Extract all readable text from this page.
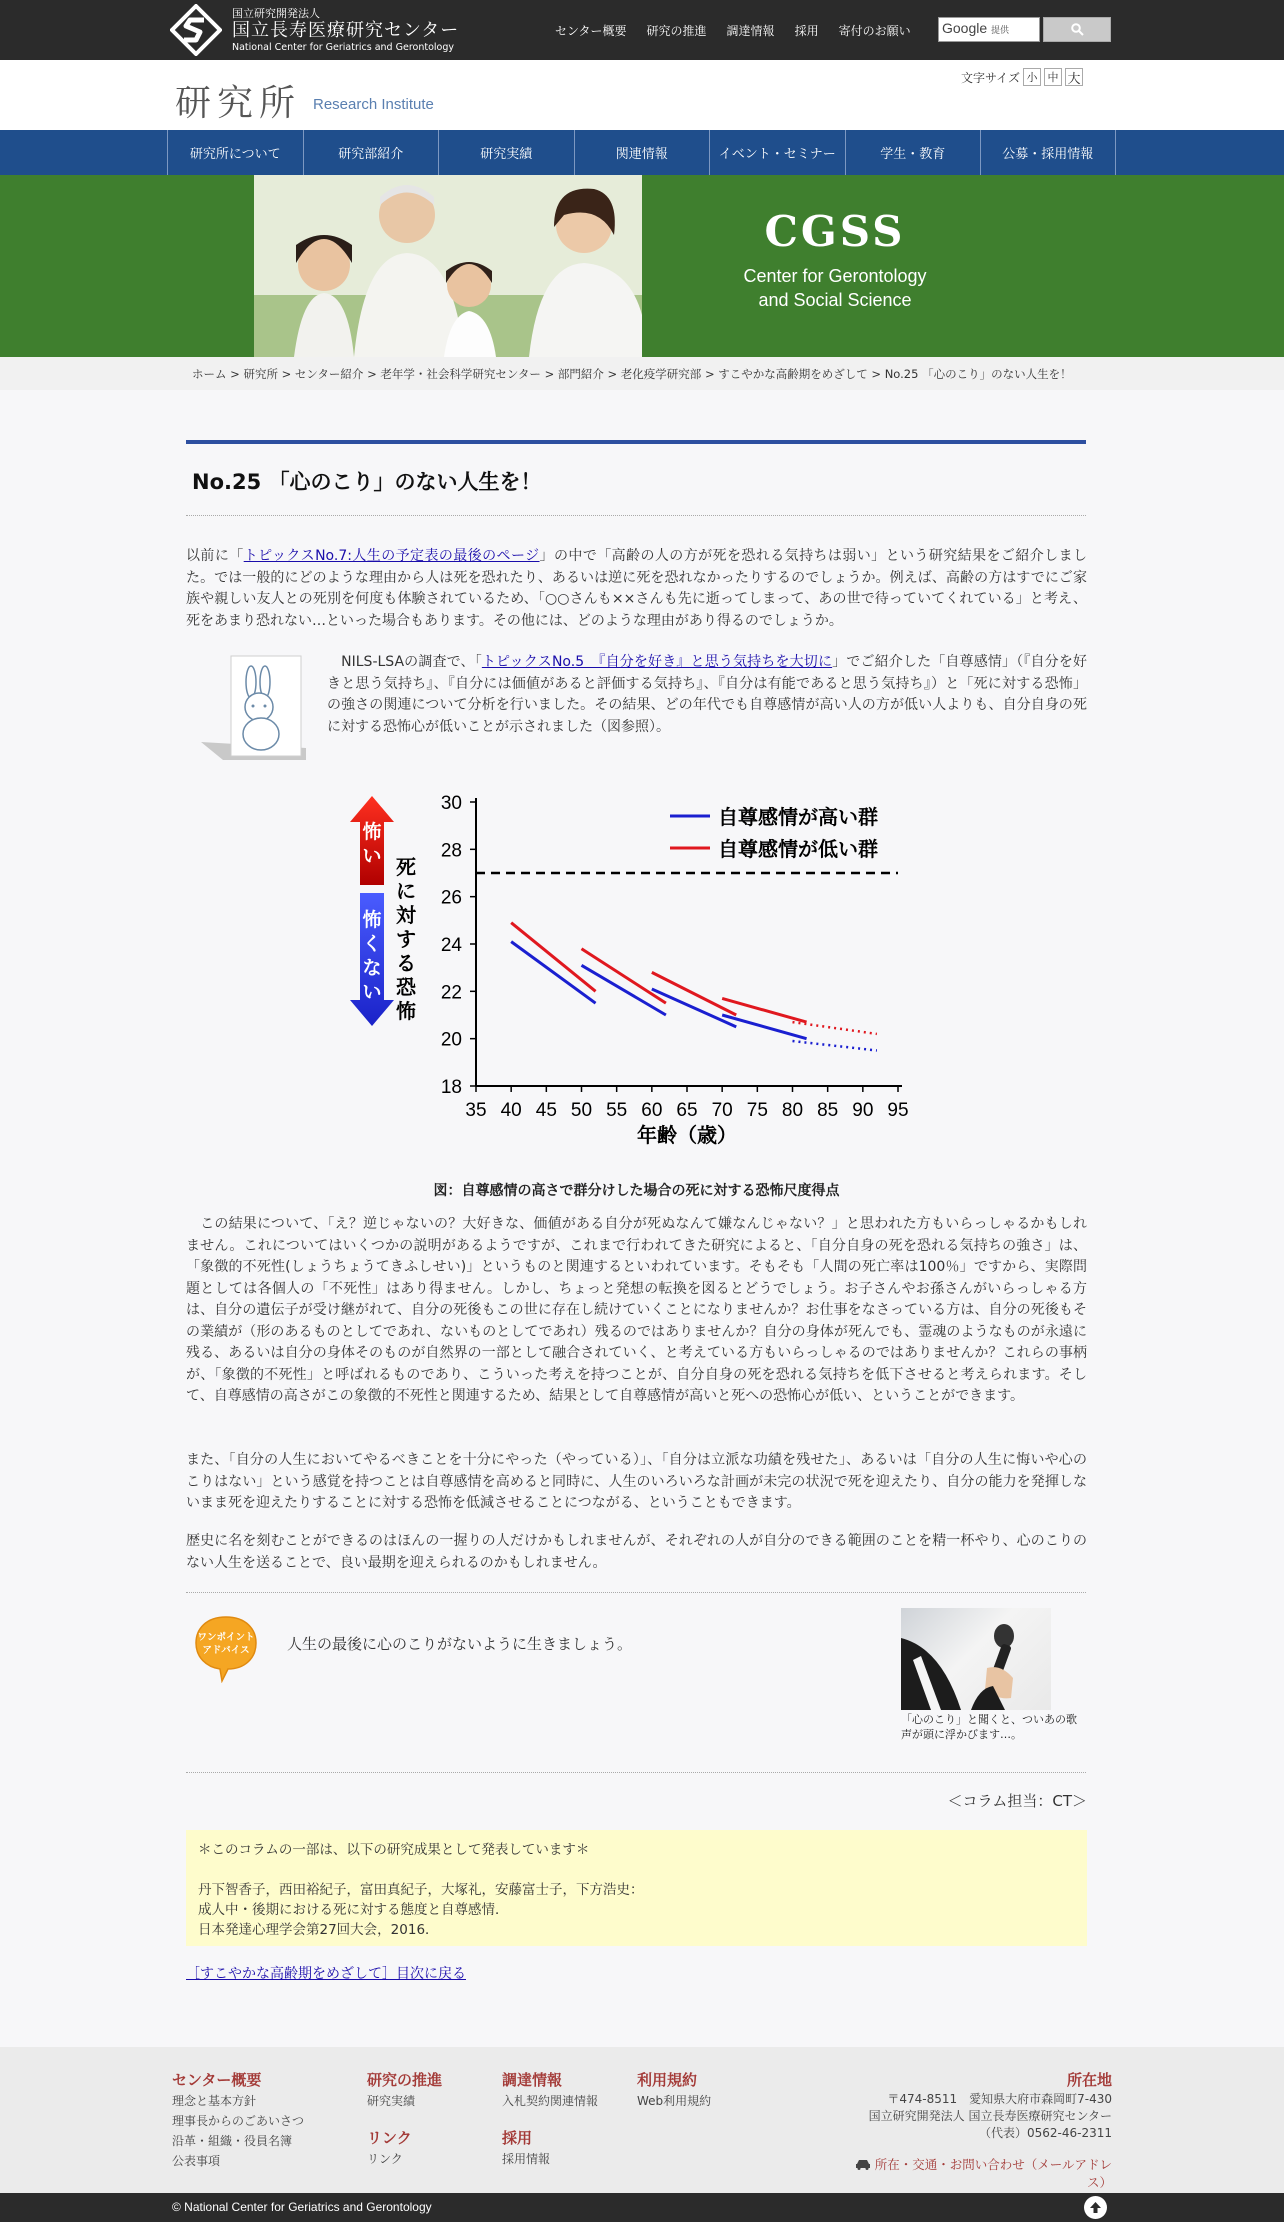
国立研究開発法人
国立長寿医療研究センター
National Center for Geriatrics and Gerontology
センター概要 研究の推進 調達情報 採用 寄付のお願い Google 提供
研究所 Research Institute
文字サイズ 小 中 大
研究所について	研究部紹介	研究実績	関連情報	イベント・セミナー	学生・教育	公募・採用情報
CGSS
Center for Gerontology
and Social Science
ホーム > 研究所 > センター紹介 > 老年学・社会科学研究センター > 部門紹介 > 老化疫学研究部 > すこやかな高齢期をめざして > No.25 「心のこり」のない人生を！
No.25 「心のこり」のない人生を！

以前に「トピックスNo.7:人生の予定表の最後のページ」の中で「高齢の人の方が死を恐れる気持ちは弱い」という研究結果をご紹介しました。では一般的にどのような理由から人は死を恐れたり、あるいは逆に死を恐れなかったりするのでしょうか。例えば、高齢の方はすでにご家族や親しい友人との死別を何度も体験されているため、「○○さんも××さんも先に逝ってしまって、あの世で待っていてくれている」と考え、死をあまり恐れない…といった場合もあります。その他には、どのような理由があり得るのでしょうか。

　NILS-LSAの調査で、「トピックスNo.5　『自分を好き』と思う気持ちを大切に」でご紹介した「自尊感情」（『自分を好きと思う気持ち』、『自分には価値があると評価する気持ち』、『自分は有能であると思う気持ち』）と「死に対する恐怖」の強さの関連について分析を行いました。その結果、どの年代でも自尊感情が高い人の方が低い人よりも、自分自身の死に対する恐怖心が低いことが示されました（図参照）。

怖
い
怖
く
な
い
死
に
対
す
る
恐
怖
18
20
22
24
26
28
30
35 40 45 50 55 60 65 70 75 80 85 90 95
年齢（歳）
自尊感情が高い群
自尊感情が低い群
図：自尊感情の高さで群分けした場合の死に対する恐怖尺度得点

　この結果について、「え？逆じゃないの？大好きな、価値がある自分が死ぬなんて嫌なんじゃない？」と思われた方もいらっしゃるかもしれません。これについてはいくつかの説明があるようですが、これまで行われてきた研究によると、「自分自身の死を恐れる気持ちの強さ」は、「象徴的不死性(しょうちょうてきふしせい)」というものと関連するといわれています。そもそも「人間の死亡率は100％」ですから、実際問題としては各個人の「不死性」はあり得ません。しかし、ちょっと発想の転換を図るとどうでしょう。お子さんやお孫さんがいらっしゃる方は、自分の遺伝子が受け継がれて、自分の死後もこの世に存在し続けていくことになりませんか？お仕事をなさっている方は、自分の死後もその業績が（形のあるものとしてであれ、ないものとしてであれ）残るのではありませんか？自分の身体が死んでも、霊魂のようなものが永遠に残る、あるいは自分の身体そのものが自然界の一部として融合されていく、と考えている方もいらっしゃるのではありませんか？これらの事柄が、「象徴的不死性」と呼ばれるものであり、こういった考えを持つことが、自分自身の死を恐れる気持ちを低下させると考えられます。そして、自尊感情の高さがこの象徴的不死性と関連するため、結果として自尊感情が高いと死への恐怖心が低い、ということができます。

また、「自分の人生においてやるべきことを十分にやった（やっている）」、「自分は立派な功績を残せた」、あるいは「自分の人生に悔いや心のこりはない」という感覚を持つことは自尊感情を高めると同時に、人生のいろいろな計画が未完の状況で死を迎えたり、自分の能力を発揮しないまま死を迎えたりすることに対する恐怖を低減させることにつながる、ということもできます。

歴史に名を刻むことができるのはほんの一握りの人だけかもしれませんが、それぞれの人が自分のできる範囲のことを精一杯やり、心のこりのない人生を送ることで、良い最期を迎えられるのかもしれません。

ワンポイント
アドバイス 人生の最後に心のこりがないように生きましょう。
「心のこり」と聞くと、ついあの歌声が頭に浮かびます…。
＜コラム担当：CT＞
＊このコラムの一部は、以下の研究成果として発表しています＊
丹下智香子，西田裕紀子，富田真紀子，大塚礼，安藤富士子，下方浩史：
成人中・後期における死に対する態度と自尊感情．
日本発達心理学会第27回大会，2016．
［すこやかな高齢期をめざして］目次に戻る
センター概要
理念と基本方針
理事長からのごあいさつ
沿革・組織・役員名簿
公表事項
研究の推進
研究実績
リンク
リンク
調達情報
入札契約関連情報
採用
採用情報
利用規約
Web利用規約
所在地
〒474-8511　愛知県大府市森岡町7-430
国立研究開発法人 国立長寿医療研究センター
（代表）0562-46-2311
所在・交通・お問い合わせ（メールアドレス）
© National Center for Geriatrics and Gerontology
